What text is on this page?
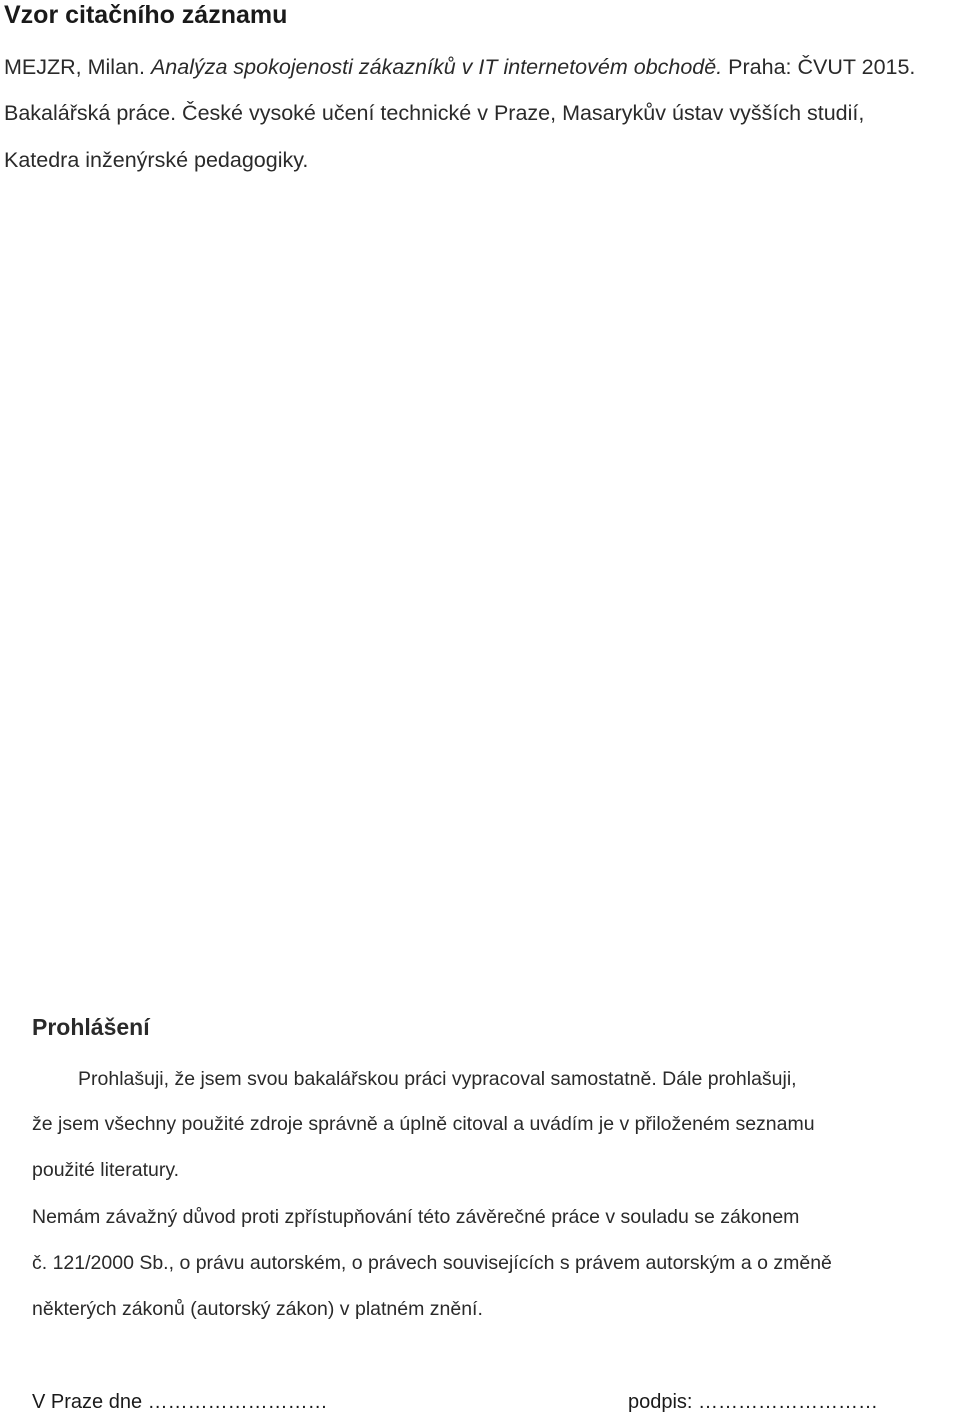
Vzor citačního záznamu
MEJZR, Milan. Analýza spokojenosti zákazníků v IT internetovém obchodě. Praha: ČVUT 2015.
Bakalářská práce. České vysoké učení technické v Praze, Masarykův ústav vyšších studií,
Katedra inženýrské pedagogiky.
Prohlášení
Prohlašuji, že jsem svou bakalářskou práci vypracoval samostatně. Dále prohlašuji,
že jsem všechny použité zdroje správně a úplně citoval a uvádím je v přiloženém seznamu
použité literatury.
Nemám závažný důvod proti zpřístupňování této závěrečné práce v souladu se zákonem
č. 121/2000 Sb., o právu autorském, o právech souvisejících s právem autorským a o změně
některých zákonů (autorský zákon) v platném znění.
V Praze dne ………………………	podpis: ………………………
